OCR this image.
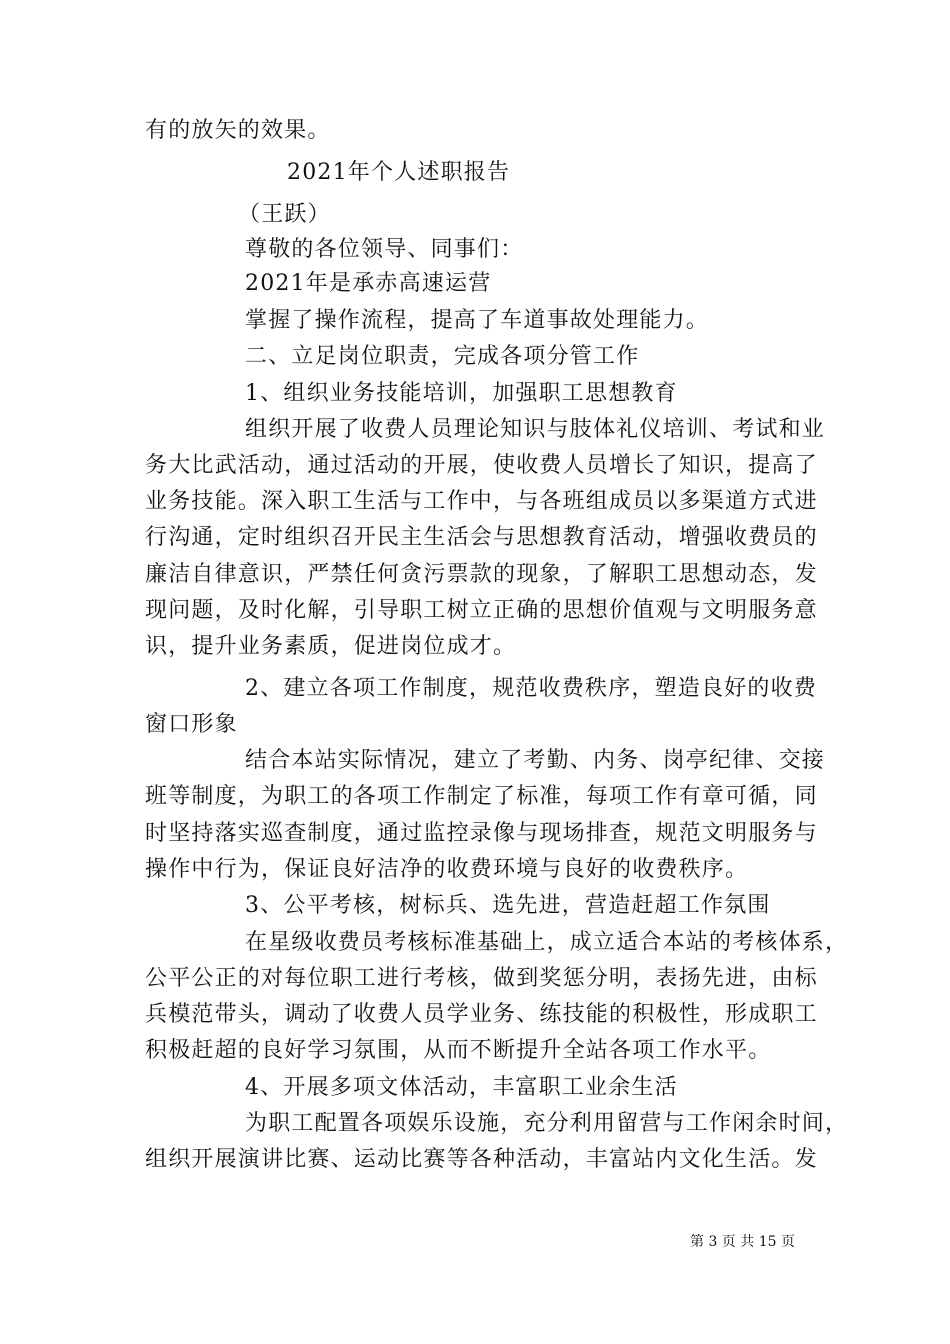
有的放矢的效果。
2021年个人述职报告
（王跃）
尊敬的各位领导、同事们：
2021年是承赤高速运营
掌握了操作流程，提高了车道事故处理能力。
二、立足岗位职责，完成各项分管工作
1、组织业务技能培训，加强职工思想教育
组织开展了收费人员理论知识与肢体礼仪培训、考试和业
务大比武活动，通过活动的开展，使收费人员增长了知识，提高了
业务技能。深入职工生活与工作中，与各班组成员以多渠道方式进
行沟通，定时组织召开民主生活会与思想教育活动，增强收费员的
廉洁自律意识，严禁任何贪污票款的现象，了解职工思想动态，发
现问题，及时化解，引导职工树立正确的思想价值观与文明服务意
识，提升业务素质，促进岗位成才。
2、建立各项工作制度，规范收费秩序，塑造良好的收费
窗口形象
结合本站实际情况，建立了考勤、内务、岗亭纪律、交接
班等制度，为职工的各项工作制定了标准，每项工作有章可循，同
时坚持落实巡查制度，通过监控录像与现场排查，规范文明服务与
操作中行为，保证良好洁净的收费环境与良好的收费秩序。
3、公平考核，树标兵、选先进，营造赶超工作氛围
在星级收费员考核标准基础上，成立适合本站的考核体系，
公平公正的对每位职工进行考核，做到奖惩分明，表扬先进，由标
兵模范带头，调动了收费人员学业务、练技能的积极性，形成职工
积极赶超的良好学习氛围，从而不断提升全站各项工作水平。
4、开展多项文体活动，丰富职工业余生活
为职工配置各项娱乐设施，充分利用留营与工作闲余时间，
组织开展演讲比赛、运动比赛等各种活动，丰富站内文化生活。发
第 3 页 共 15 页
